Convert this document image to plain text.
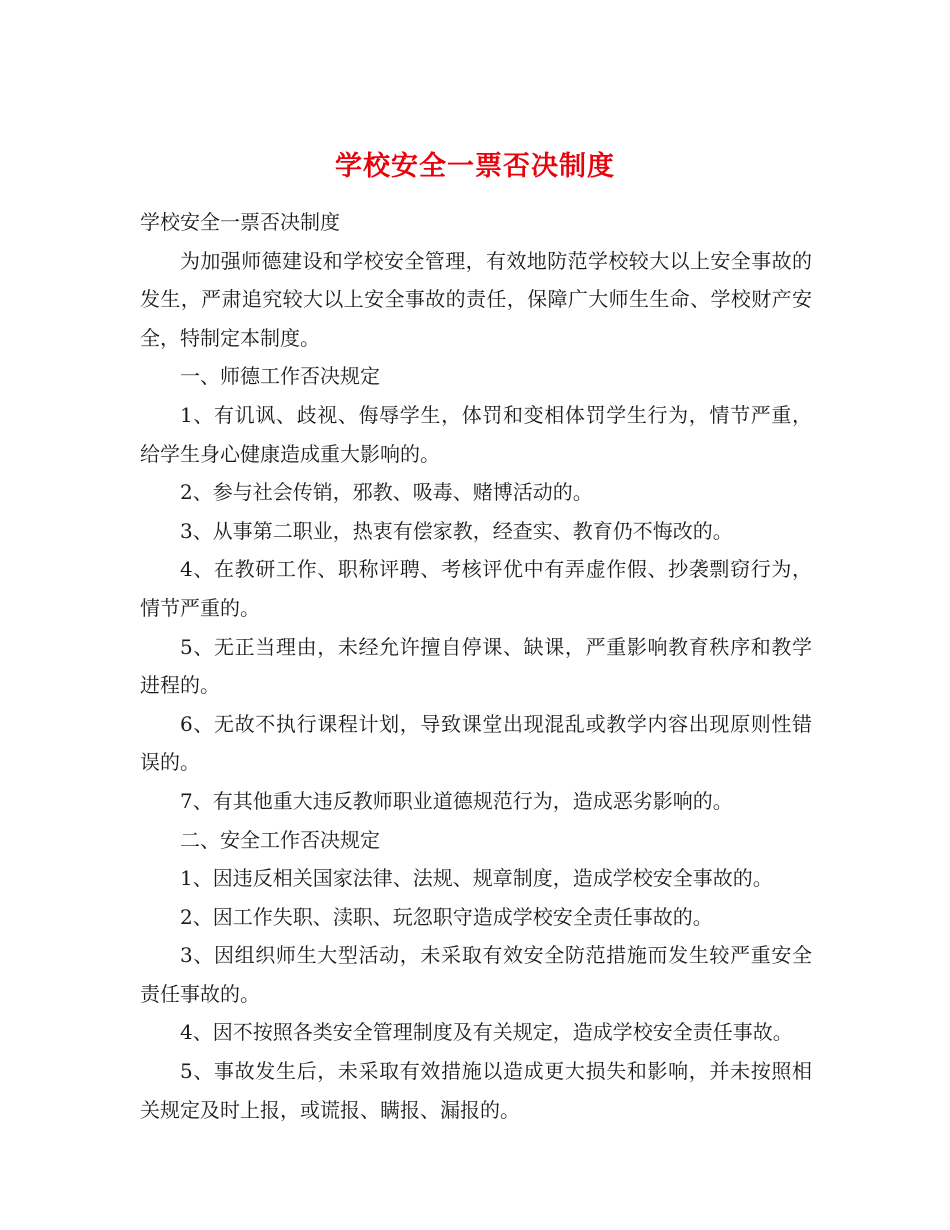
学校安全一票否决制度

学校安全一票否决制度

为加强师德建设和学校安全管理，有效地防范学校较大以上安全事故的发生，严肃追究较大以上安全事故的责任，保障广大师生生命、学校财产安全，特制定本制度。

一、师德工作否决规定

1、有讥讽、歧视、侮辱学生，体罚和变相体罚学生行为，情节严重，给学生身心健康造成重大影响的。

2、参与社会传销，邪教、吸毒、赌博活动的。

3、从事第二职业，热衷有偿家教，经查实、教育仍不悔改的。

4、在教研工作、职称评聘、考核评优中有弄虚作假、抄袭剽窃行为，情节严重的。

5、无正当理由，未经允许擅自停课、缺课，严重影响教育秩序和教学进程的。

6、无故不执行课程计划，导致课堂出现混乱或教学内容出现原则性错误的。

7、有其他重大违反教师职业道德规范行为，造成恶劣影响的。

二、安全工作否决规定

1、因违反相关国家法律、法规、规章制度，造成学校安全事故的。

2、因工作失职、渎职、玩忽职守造成学校安全责任事故的。

3、因组织师生大型活动，未采取有效安全防范措施而发生较严重安全责任事故的。

4、因不按照各类安全管理制度及有关规定，造成学校安全责任事故。

5、事故发生后，未采取有效措施以造成更大损失和影响，并未按照相关规定及时上报，或谎报、瞒报、漏报的。
